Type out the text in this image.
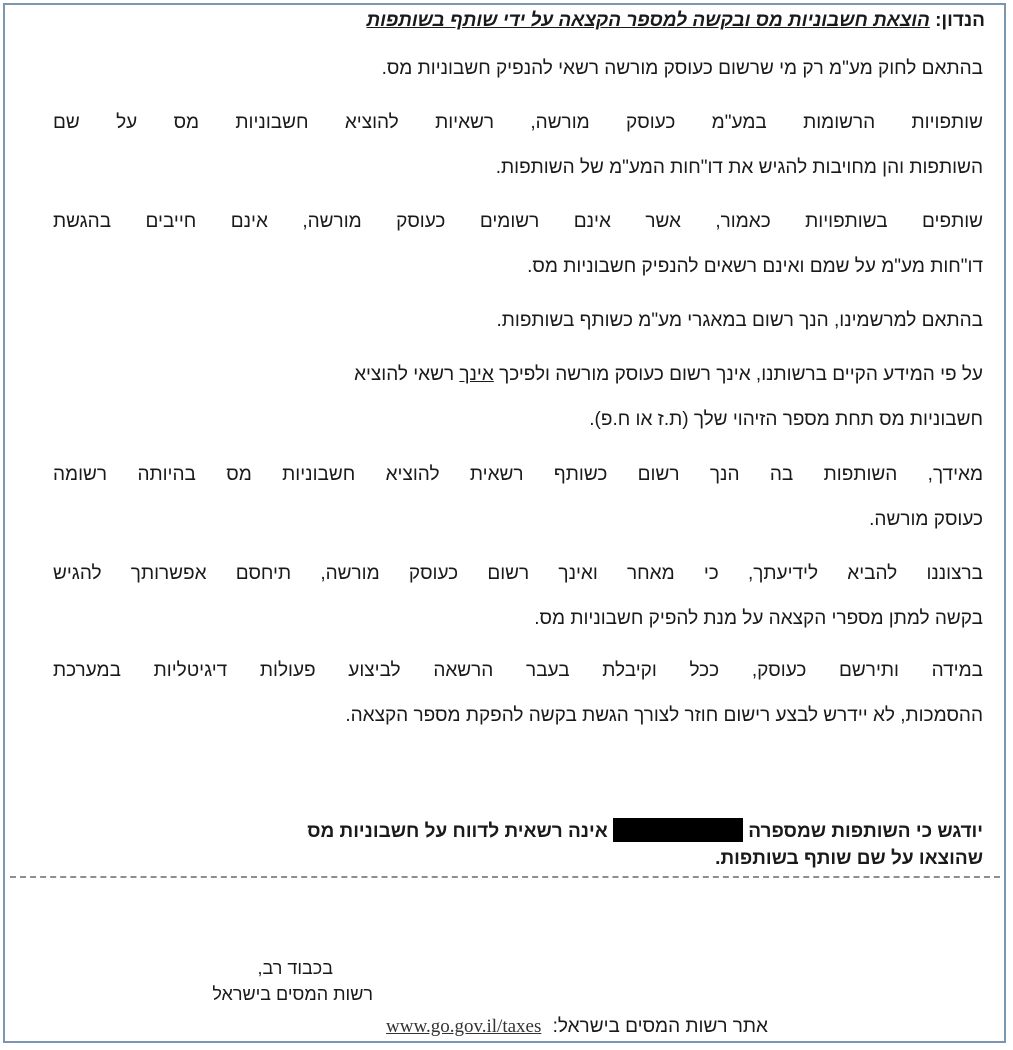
הנדון: הוצאת חשבוניות מס ובקשה למספר הקצאה על ידי שותף בשותפות
בהתאם לחוק מע"מ רק מי שרשום כעוסק מורשה רשאי להנפיק חשבוניות מס.
שותפויות הרשומות במע"מ כעוסק מורשה, רשאיות להוציא חשבוניות מס על שם
השותפות והן מחויבות להגיש את דו"חות המע"מ של השותפות.
שותפים בשותפויות כאמור, אשר אינם רשומים כעוסק מורשה, אינם חייבים בהגשת
דו"חות מע"מ על שמם ואינם רשאים להנפיק חשבוניות מס.
בהתאם למרשמינו, הנך רשום במאגרי מע"מ כשותף בשותפות.
על פי המידע הקיים ברשותנו, אינך רשום כעוסק מורשה ולפיכך אינך רשאי להוציא
חשבוניות מס תחת מספר הזיהוי שלך (ת.ז או ח.פ).
מאידך, השותפות בה הנך רשום כשותף רשאית להוציא חשבוניות מס בהיותה רשומה
כעוסק מורשה.
ברצוננו להביא לידיעתך, כי מאחר ואינך רשום כעוסק מורשה, תיחסם אפשרותך להגיש
בקשה למתן מספרי הקצאה על מנת להפיק חשבוניות מס.
במידה ותירשם כעוסק, ככל וקיבלת בעבר הרשאה לביצוע פעולות דיגיטליות במערכת
ההסמכות, לא יידרש לבצע רישום חוזר לצורך הגשת בקשה להפקת מספר הקצאה.
יודגש כי השותפות שמספרה  אינה רשאית לדווח על חשבוניות מס
שהוצאו על שם שותף בשותפות.
בכבוד רב,
רשות המסים בישראל
אתר רשות המסים בישראל: www.go.gov.il/taxes
